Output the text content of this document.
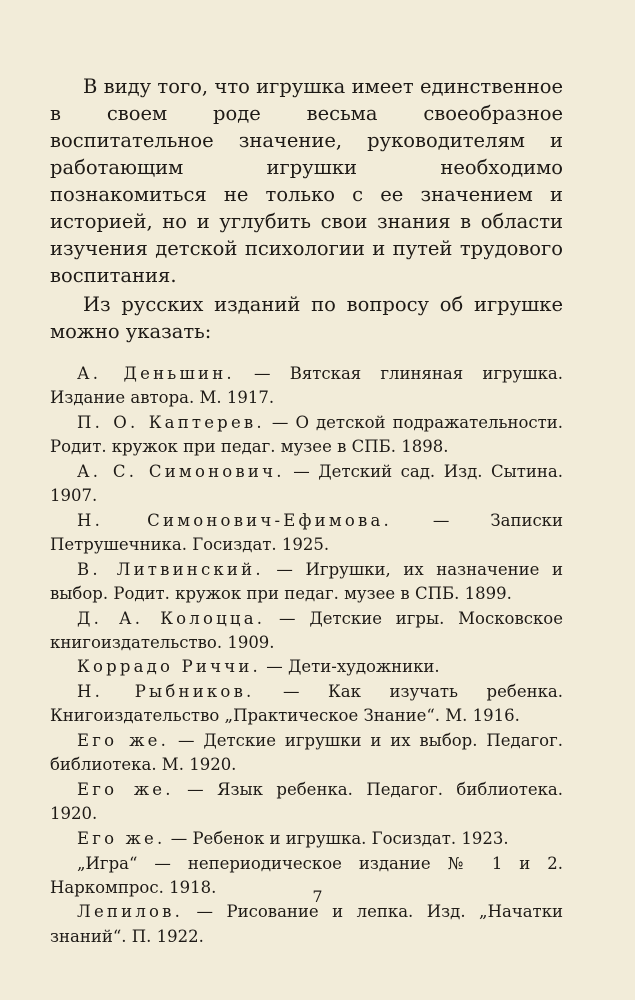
В виду того, что игрушка имеет единственное в своем роде весьма своеобразное воспитательное значение, руководителям и работающим игрушки необходимо познакомиться не только с ее значением и историей, но и углубить свои знания в области изучения детской психологии и путей трудового воспитания.

Из русских изданий по вопросу об игрушке можно указать:

А. Деньшин. — Вятская глиняная игрушка. Издание автора. М. 1917.

П. О. Каптерев. — О детской подражательности. Родит. кружок при педаг. музее в СПБ. 1898.

А. С. Симонович. — Детский сад. Изд. Сытина. 1907.

Н. Симонович-Ефимова. — Записки Петрушечника. Госиздат. 1925.

В. Литвинский. — Игрушки, их назначение и выбор. Родит. кружок при педаг. музее в СПБ. 1899.

Д. А. Колоцца. — Детские игры. Московское книгоиздательство. 1909.

Коррадо Риччи. — Дети-художники.

Н. Рыбников. — Как изучать ребенка. Книгоиздательство „Практическое Знание“. М. 1916.

Его же. — Детские игрушки и их выбор. Педагог. библиотека. М. 1920.

Его же. — Язык ребенка. Педагог. библиотека. 1920.

Его же. — Ребенок и игрушка. Госиздат. 1923.

„Игра“ — непериодическое издание № 1 и 2. Наркомпрос. 1918.

Лепилов. — Рисование и лепка. Изд. „Начатки знаний“. П. 1922.

7
